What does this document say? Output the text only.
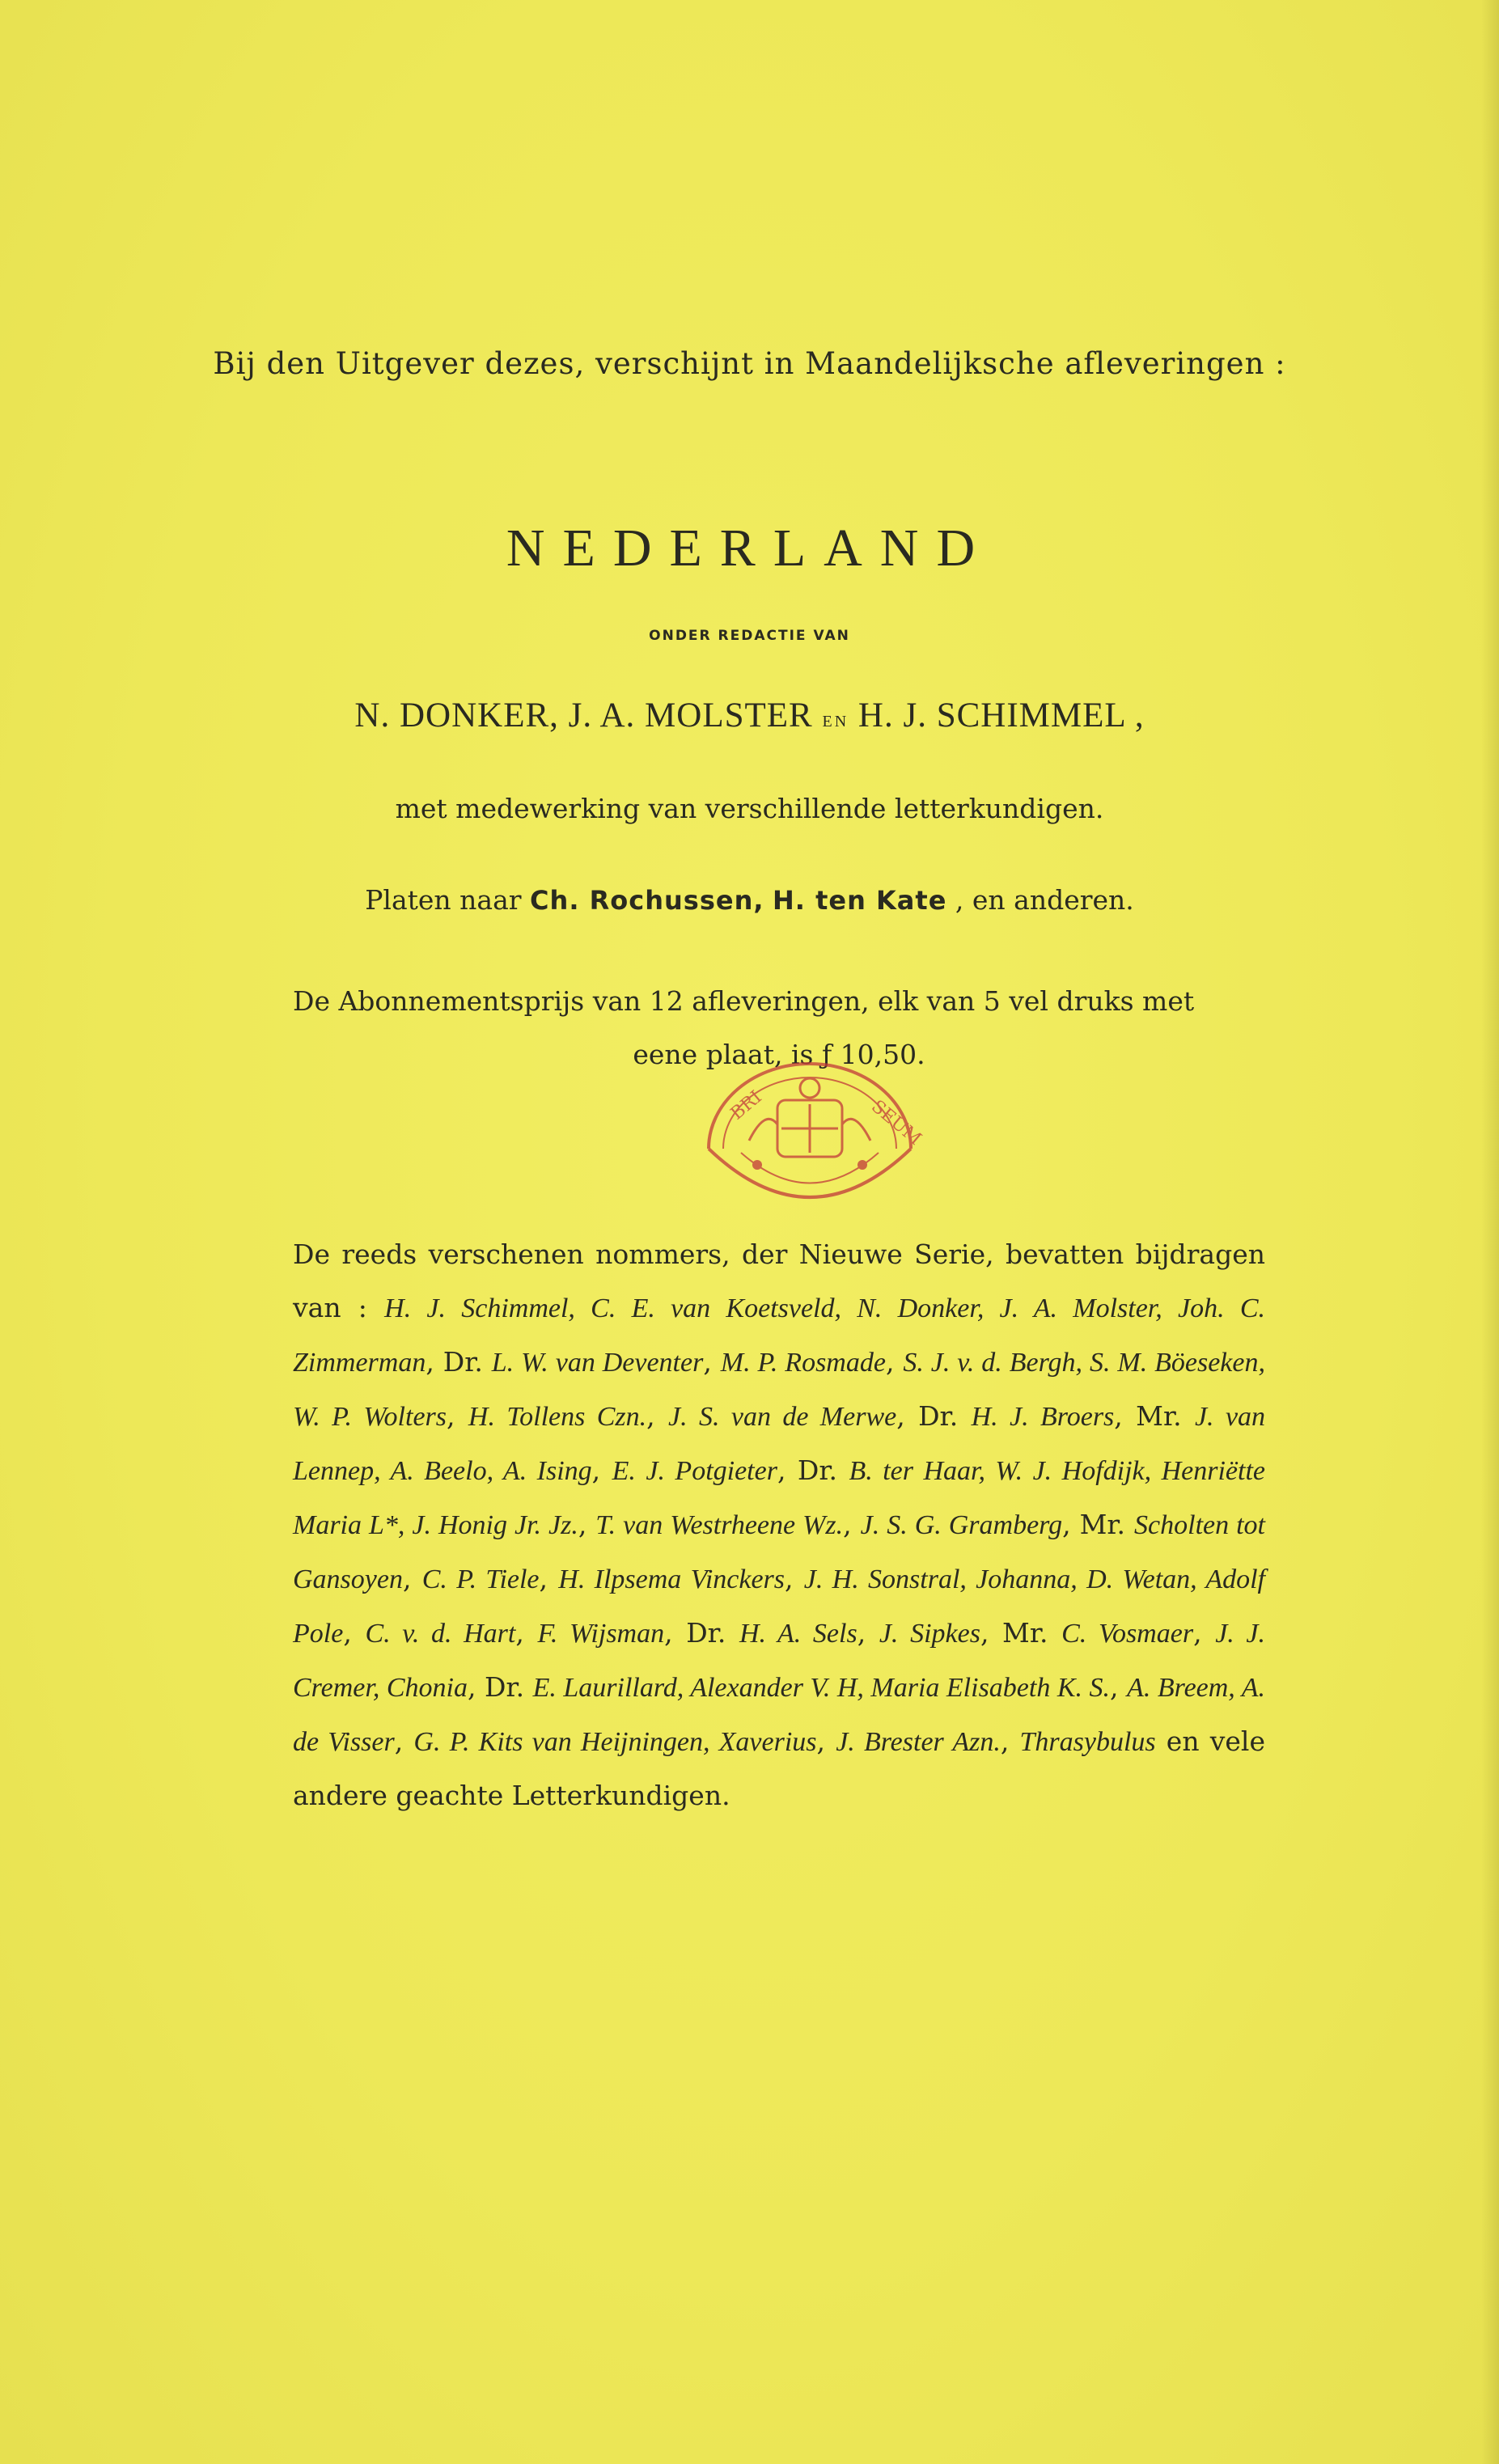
Bij den Uitgever dezes, verschijnt in Maandelijksche afleveringen :
NEDERLAND
ONDER REDACTIE VAN
N. DONKER, J. A. MOLSTER EN H. J. SCHIMMEL ,
met medewerking van verschillende letterkundigen.
Platen naar Ch. Rochussen, H. ten Kate , en anderen.
De Abonnementsprijs van 12 afleveringen, elk van 5 vel druks met
eene plaat, is ƒ 10,50.
BRI	SEUM
De reeds verschenen nommers, der Nieuwe Serie, bevatten bijdragen van : H. J. Schimmel, C. E. van Koetsveld, N. Donker, J. A. Molster, Joh. C. Zimmerman, Dr. L. W. van Deventer, M. P. Rosmade, S. J. v. d. Bergh, S. M. Böeseken, W. P. Wolters, H. Tollens Czn., J. S. van de Merwe, Dr. H. J. Broers, Mr. J. van Lennep, A. Beelo, A. Ising, E. J. Potgieter, Dr. B. ter Haar, W. J. Hofdijk, Henriëtte Maria L*, J. Honig Jr. Jz., T. van Westrheene Wz., J. S. G. Gramberg, Mr. Scholten tot Gansoyen, C. P. Tiele, H. Ilpsema Vinckers, J. H. Sonstral, Johanna, D. Wetan, Adolf Pole, C. v. d. Hart, F. Wijsman, Dr. H. A. Sels, J. Sipkes, Mr. C. Vosmaer, J. J. Cremer, Chonia, Dr. E. Laurillard, Alexander V. H, Maria Elisabeth K. S., A. Breem, A. de Visser, G. P. Kits van Heijningen, Xaverius, J. Brester Azn., Thrasybulus en vele andere geachte Letterkundigen.
